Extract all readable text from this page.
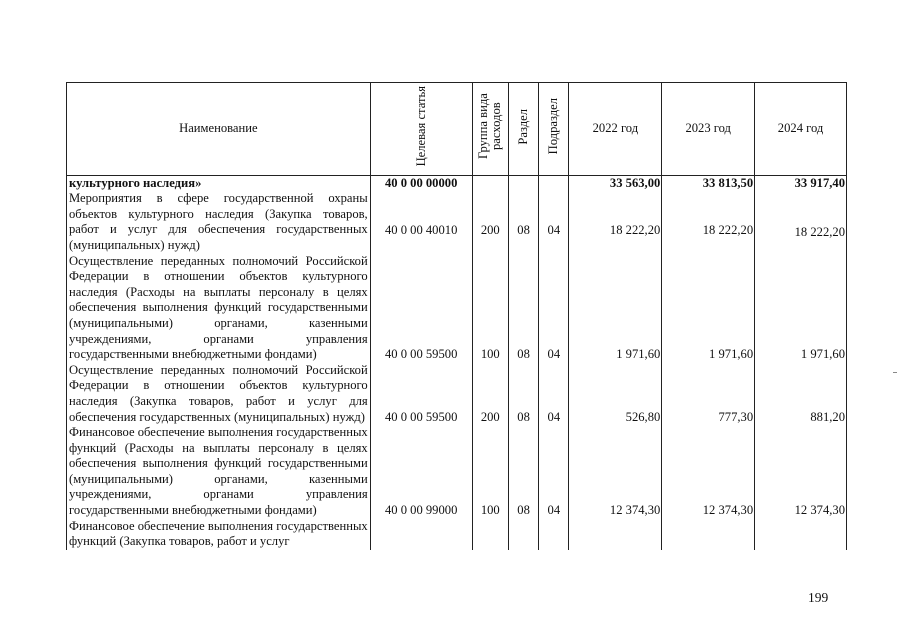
Наименование	Целевая статья	Группа вида расходов	Раздел	Подраздел	2022 год	2023 год	2024 год
культурного наследия»	40 0 00 00000				33 563,00	33 813,50	33 917,40
Мероприятия в сфере государственной охраны объектов культурного наследия (Закупка товаров, работ и услуг для обеспечения государственных (муниципальных) нужд)	40 0 00 40010	200	08	04	18 222,20	18 222,20	18 222,20
Осуществление переданных полномочий Российской Федерации в отношении объектов культурного наследия (Расходы на выплаты персоналу в целях обеспечения выполнения функций государственными (муниципальными) органами, казенными учреждениями, органами управления государственными внебюджетными фондами)	40 0 00 59500	100	08	04	1 971,60	1 971,60	1 971,60
Осуществление переданных полномочий Российской Федерации в отношении объектов культурного наследия (Закупка товаров, работ и услуг для обеспечения государственных (муниципальных) нужд)	40 0 00 59500	200	08	04	526,80	777,30	881,20
Финансовое обеспечение выполнения государственных функций (Расходы на выплаты персоналу в целях обеспечения выполнения функций государственными (муниципальными) органами, казенными учреждениями, органами управления государственными внебюджетными фондами)	40 0 00 99000	100	08	04	12 374,30	12 374,30	12 374,30
Финансовое обеспечение выполнения государственных функций (Закупка товаров, работ и услуг							
199
